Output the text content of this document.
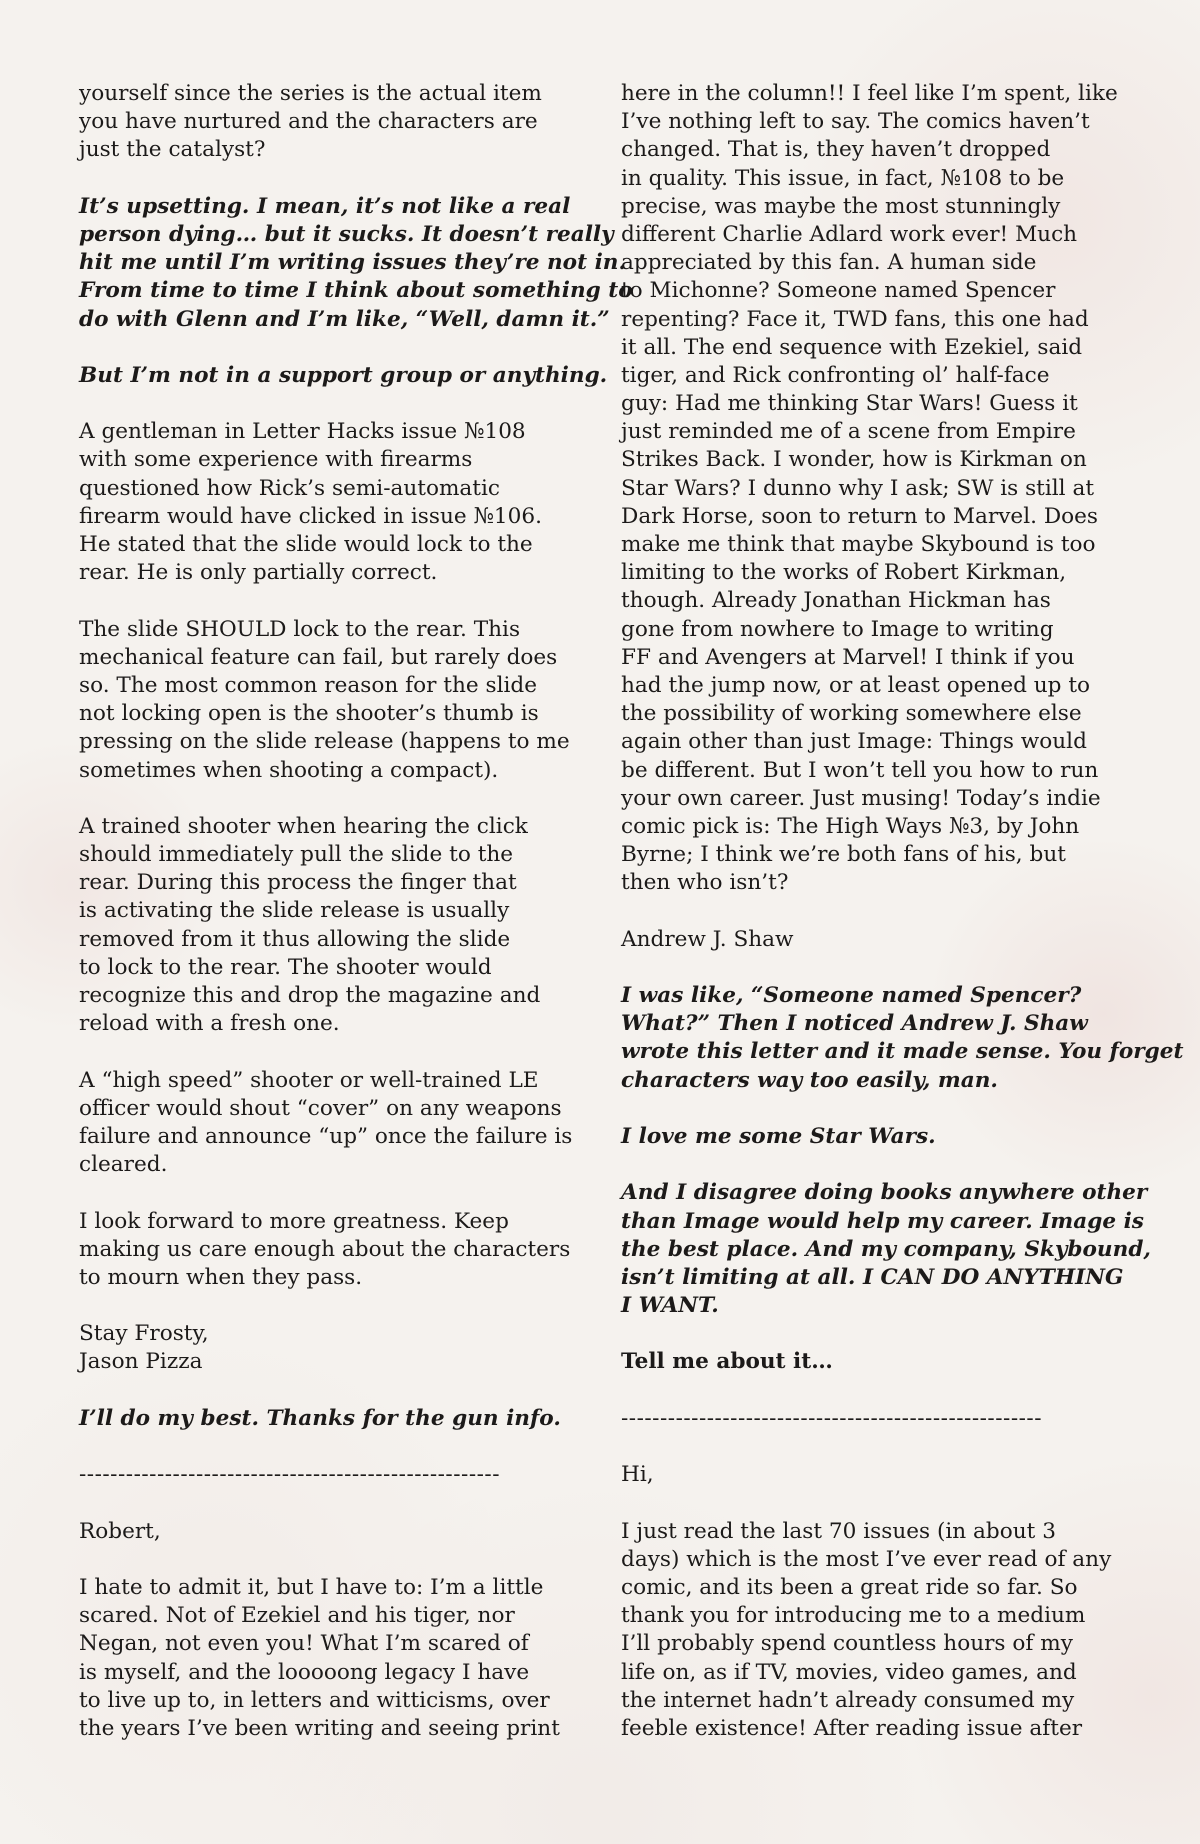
yourself since the series is the actual item
you have nurtured and the characters are
just the catalyst?
It’s upsetting. I mean, it’s not like a real
person dying… but it sucks. It doesn’t really
hit me until I’m writing issues they’re not in.
From time to time I think about something to
do with Glenn and I’m like, “Well, damn it.”
But I’m not in a support group or anything.
A gentleman in Letter Hacks issue №108
with some experience with firearms
questioned how Rick’s semi-automatic
firearm would have clicked in issue №106.
He stated that the slide would lock to the
rear. He is only partially correct.
The slide SHOULD lock to the rear. This
mechanical feature can fail, but rarely does
so. The most common reason for the slide
not locking open is the shooter’s thumb is
pressing on the slide release (happens to me
sometimes when shooting a compact).
A trained shooter when hearing the click
should immediately pull the slide to the
rear. During this process the finger that
is activating the slide release is usually
removed from it thus allowing the slide
to lock to the rear. The shooter would
recognize this and drop the magazine and
reload with a fresh one.
A “high speed” shooter or well-trained LE
officer would shout “cover” on any weapons
failure and announce “up” once the failure is
cleared.
I look forward to more greatness. Keep
making us care enough about the characters
to mourn when they pass.
Stay Frosty,
Jason Pizza
I’ll do my best. Thanks for the gun info.
------------------------------------------------------
Robert,
I hate to admit it, but I have to: I’m a little
scared. Not of Ezekiel and his tiger, nor
Negan, not even you! What I’m scared of
is myself, and the looooong legacy I have
to live up to, in letters and witticisms, over
the years I’ve been writing and seeing print
here in the column!! I feel like I’m spent, like
I’ve nothing left to say. The comics haven’t
changed. That is, they haven’t dropped
in quality. This issue, in fact, №108 to be
precise, was maybe the most stunningly
different Charlie Adlard work ever! Much
appreciated by this fan. A human side
to Michonne? Someone named Spencer
repenting? Face it, TWD fans, this one had
it all. The end sequence with Ezekiel, said
tiger, and Rick confronting ol’ half-face
guy: Had me thinking Star Wars! Guess it
just reminded me of a scene from Empire
Strikes Back. I wonder, how is Kirkman on
Star Wars? I dunno why I ask; SW is still at
Dark Horse, soon to return to Marvel. Does
make me think that maybe Skybound is too
limiting to the works of Robert Kirkman,
though. Already Jonathan Hickman has
gone from nowhere to Image to writing
FF and Avengers at Marvel! I think if you
had the jump now, or at least opened up to
the possibility of working somewhere else
again other than just Image: Things would
be different. But I won’t tell you how to run
your own career. Just musing! Today’s indie
comic pick is: The High Ways №3, by John
Byrne; I think we’re both fans of his, but
then who isn’t?
Andrew J. Shaw
I was like, “Someone named Spencer?
What?” Then I noticed Andrew J. Shaw
wrote this letter and it made sense. You forget
characters way too easily, man.
I love me some Star Wars.
And I disagree doing books anywhere other
than Image would help my career. Image is
the best place. And my company, Skybound,
isn’t limiting at all. I CAN DO ANYTHING
I WANT.
Tell me about it…
------------------------------------------------------
Hi,
I just read the last 70 issues (in about 3
days) which is the most I’ve ever read of any
comic, and its been a great ride so far. So
thank you for introducing me to a medium
I’ll probably spend countless hours of my
life on, as if TV, movies, video games, and
the internet hadn’t already consumed my
feeble existence! After reading issue after
